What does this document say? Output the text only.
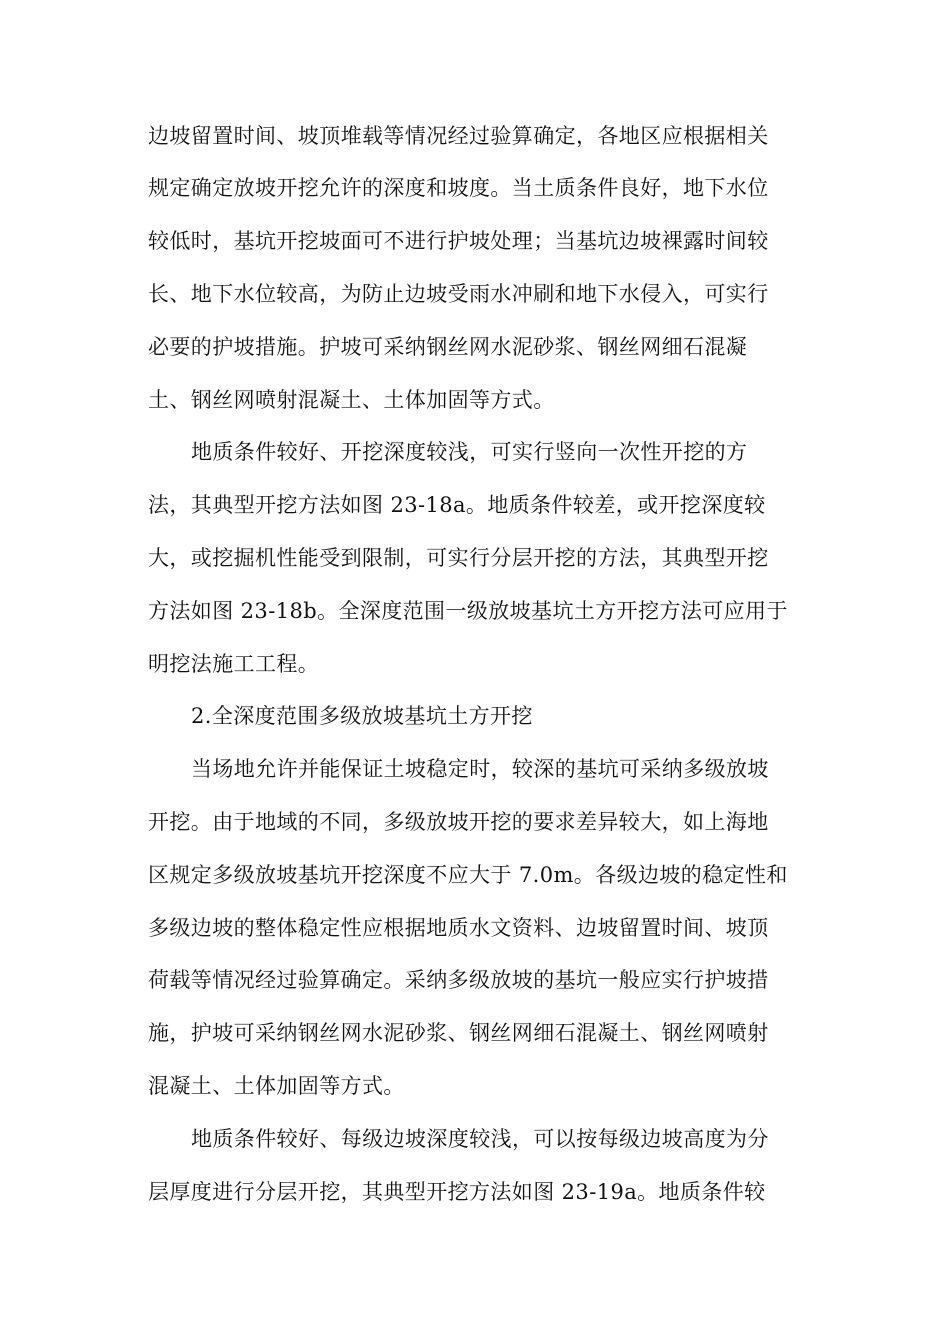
边坡留置时间、坡顶堆载等情况经过验算确定，各地区应根据相关
规定确定放坡开挖允许的深度和坡度。当土质条件良好，地下水位
较低时，基坑开挖坡面可不进行护坡处理；当基坑边坡裸露时间较
长、地下水位较高，为防止边坡受雨水冲刷和地下水侵入，可实行
必要的护坡措施。护坡可采纳钢丝网水泥砂浆、钢丝网细石混凝
土、钢丝网喷射混凝土、土体加固等方式。
地质条件较好、开挖深度较浅，可实行竖向一次性开挖的方
法，其典型开挖方法如图 23-18a。地质条件较差，或开挖深度较
大，或挖掘机性能受到限制，可实行分层开挖的方法，其典型开挖
方法如图 23-18b。全深度范围一级放坡基坑土方开挖方法可应用于
明挖法施工工程。
2.全深度范围多级放坡基坑土方开挖
当场地允许并能保证土坡稳定时，较深的基坑可采纳多级放坡
开挖。由于地域的不同，多级放坡开挖的要求差异较大，如上海地
区规定多级放坡基坑开挖深度不应大于 7.0m。各级边坡的稳定性和
多级边坡的整体稳定性应根据地质水文资料、边坡留置时间、坡顶
荷载等情况经过验算确定。采纳多级放坡的基坑一般应实行护坡措
施，护坡可采纳钢丝网水泥砂浆、钢丝网细石混凝土、钢丝网喷射
混凝土、土体加固等方式。
地质条件较好、每级边坡深度较浅，可以按每级边坡高度为分
层厚度进行分层开挖，其典型开挖方法如图 23-19a。地质条件较
